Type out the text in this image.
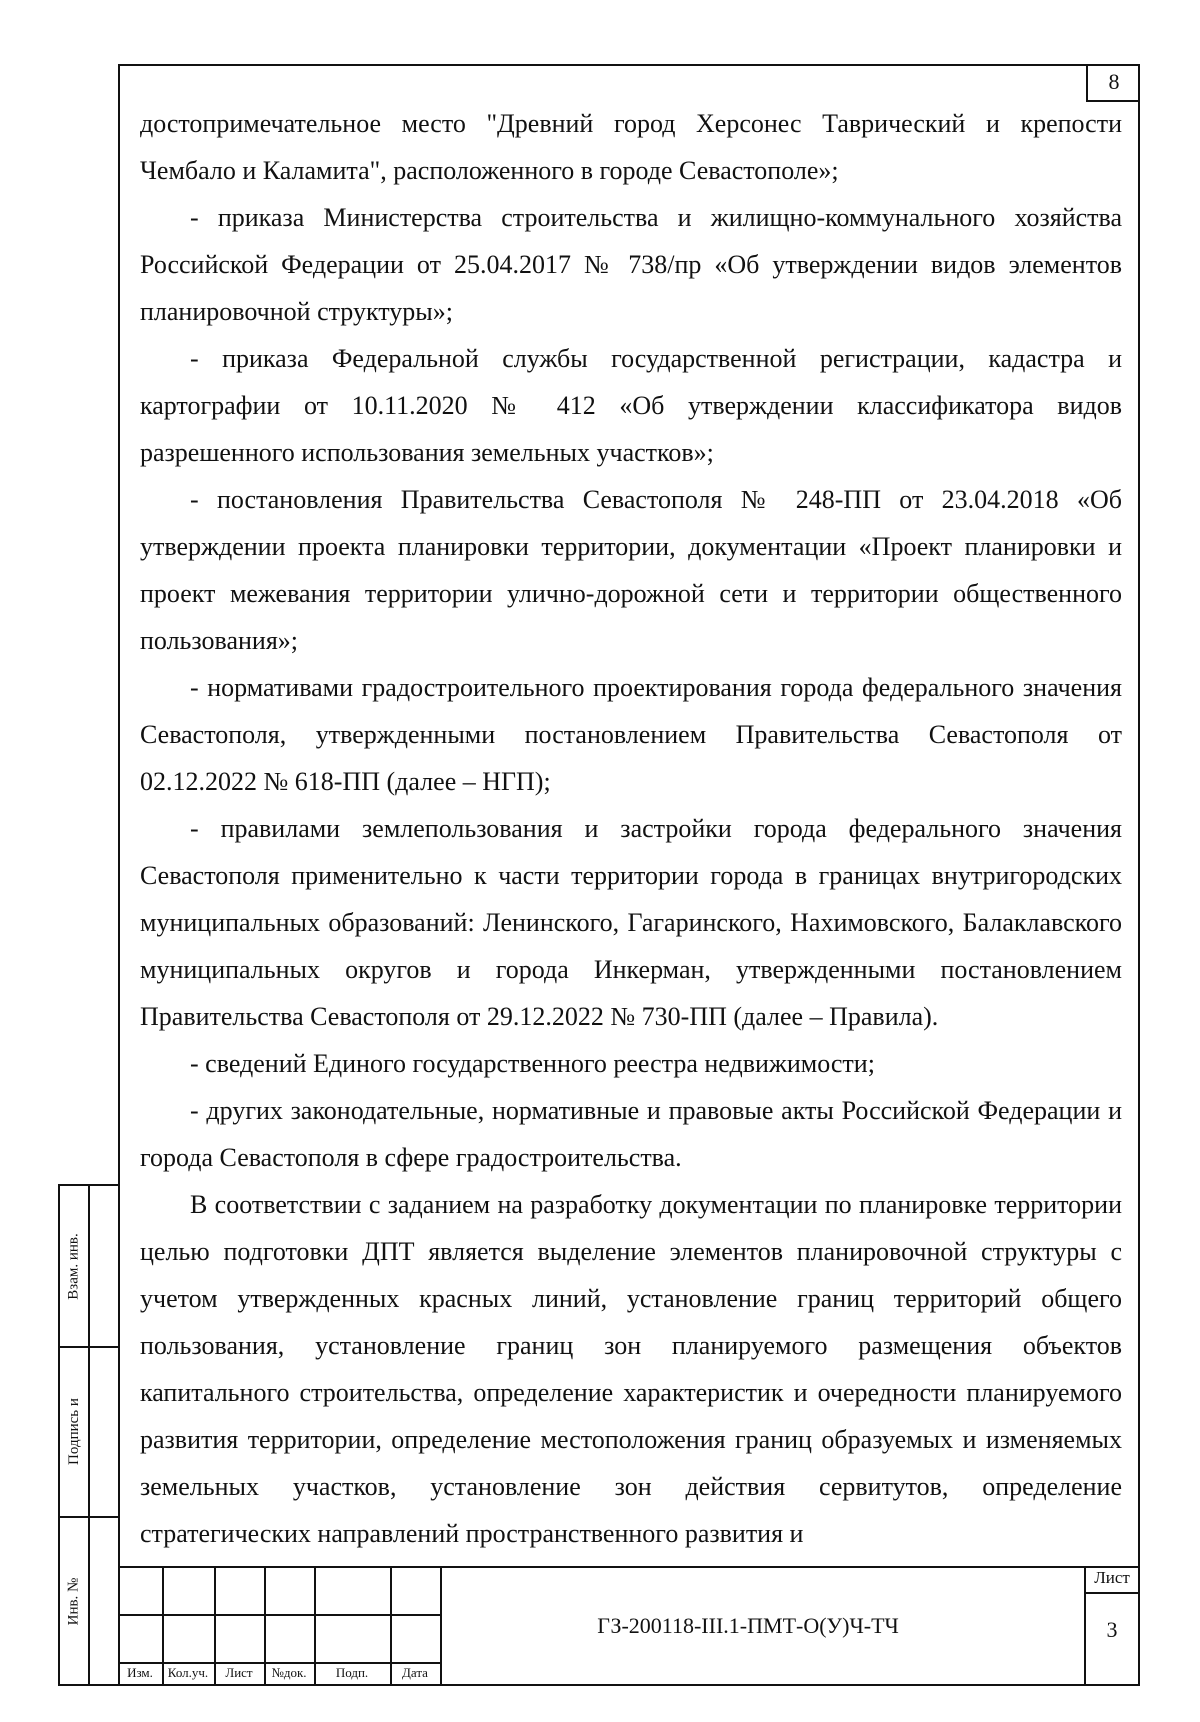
8

достопримечательное место "Древний город Херсонес Таврический и крепости Чембало и Каламита", расположенного в городе Севастополе»;

- приказа Министерства строительства и жилищно-коммунального хозяйства Российской Федерации от 25.04.2017 № 738/пр «Об утверждении видов элементов планировочной структуры»;

- приказа Федеральной службы государственной регистрации, кадастра и картографии от 10.11.2020 № 412 «Об утверждении классификатора видов разрешенного использования земельных участков»;

- постановления Правительства Севастополя № 248-ПП от 23.04.2018 «Об утверждении проекта планировки территории, документации «Проект планировки и проект межевания территории улично-дорожной сети и территории общественного пользования»;

- нормативами градостроительного проектирования города федерального значения Севастополя, утвержденными постановлением Правительства Севастополя от 02.12.2022 № 618-ПП (далее – НГП);

- правилами землепользования и застройки города федерального значения Севастополя применительно к части территории города в границах внутригородских муниципальных образований: Ленинского, Гагаринского, Нахимовского, Балаклавского муниципальных округов и города Инкерман, утвержденными постановлением Правительства Севастополя от 29.12.2022 № 730-ПП (далее – Правила).

- сведений Единого государственного реестра недвижимости;

- других законодательные, нормативные и правовые акты Российской Федерации и города Севастополя в сфере градостроительства.

В соответствии с заданием на разработку документации по планировке территории целью подготовки ДПТ является выделение элементов планировочной структуры с учетом утвержденных красных линий, установление границ территорий общего пользования, установление границ зон планируемого размещения объектов капитального строительства, определение характеристик и очередности планируемого развития территории, определение местоположения границ образуемых и изменяемых земельных участков, установление зон действия сервитутов, определение стратегических направлений пространственного развития и

Взам. инв.
Подпись и
Инв. №
Изм.	Кол.уч.	Лист	№док.	Подп.	Дата
ГЗ-200118-III.1-ПМТ-О(У)Ч-ТЧ
Лист
3
